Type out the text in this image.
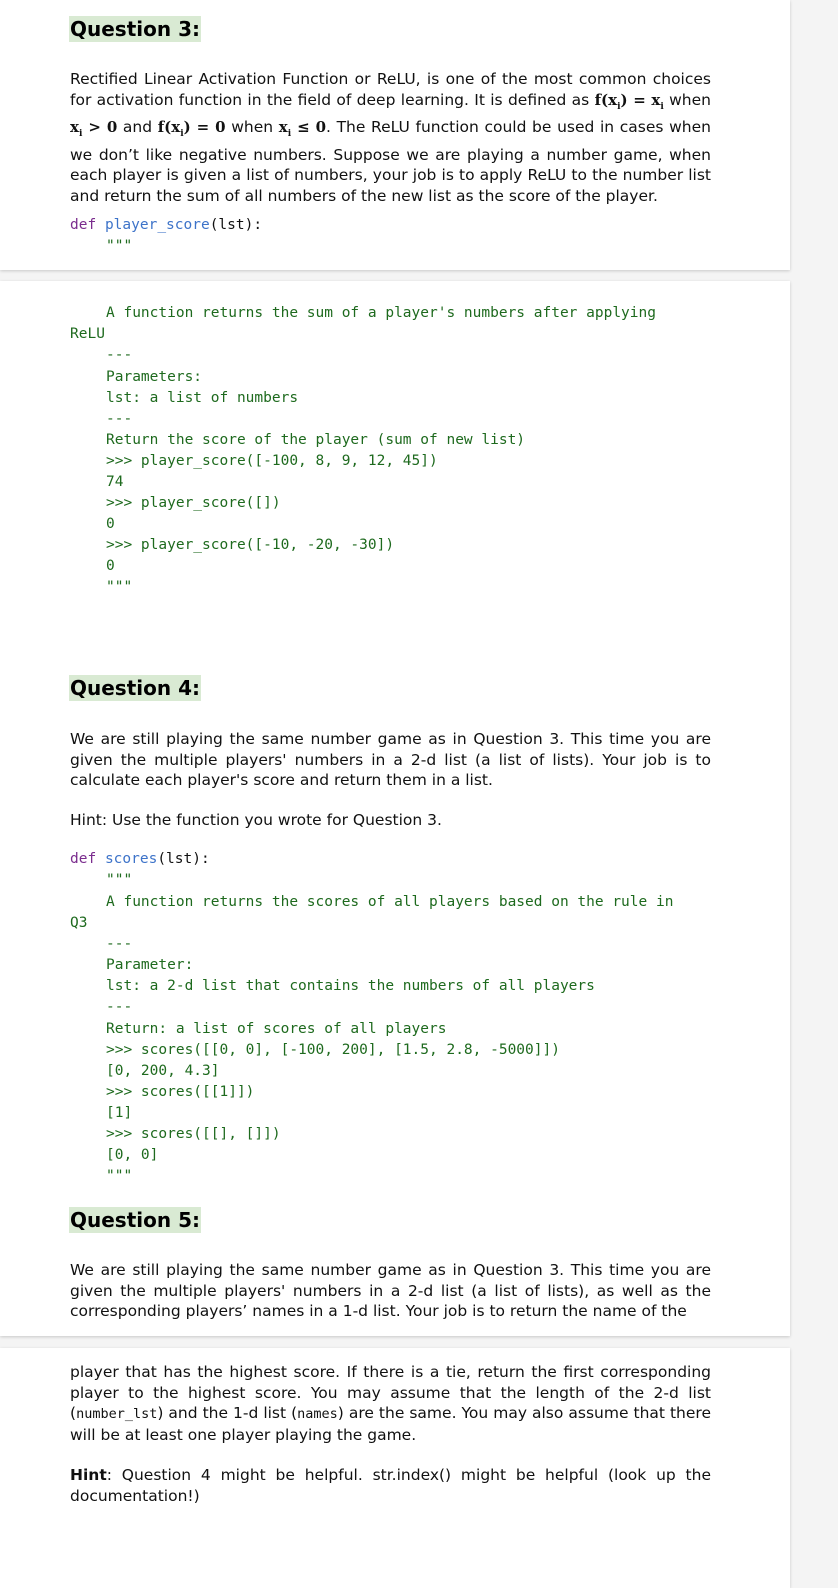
Question 3:

Rectified Linear Activation Function or ReLU, is one of the most common choices for activation function in the field of deep learning. It is defined as $f(x_i) = x_i$ when $x_i > 0$ and $f(x_i) = 0$ when $x_i \le 0$. The ReLU function could be used in cases when we don’t like negative numbers. Suppose we are playing a number game, when each player is given a list of numbers, your job is to apply ReLU to the number list and return the sum of all numbers of the new list as the score of the player.

def player_score(lst):
"""
A function returns the sum of a player's numbers after applying
ReLU
---
Parameters:
lst: a list of numbers
---
Return the score of the player (sum of new list)
>>> player_score([-100, 8, 9, 12, 45])
74
>>> player_score([])
0
>>> player_score([-10, -20, -30])
0
"""
Question 4:

We are still playing the same number game as in Question 3. This time you are given the multiple players' numbers in a 2-d list (a list of lists). Your job is to calculate each player's score and return them in a list.

Hint: Use the function you wrote for Question 3.

def scores(lst):
"""
A function returns the scores of all players based on the rule in
Q3
---
Parameter:
lst: a 2-d list that contains the numbers of all players
---
Return: a list of scores of all players
>>> scores([[0, 0], [-100, 200], [1.5, 2.8, -5000]])
[0, 200, 4.3]
>>> scores([[1]])
[1]
>>> scores([[], []])
[0, 0]
"""
Question 5:

We are still playing the same number game as in Question 3. This time you are given the multiple players' numbers in a 2-d list (a list of lists), as well as the corresponding players’ names in a 1-d list. Your job is to return the name of the

player that has the highest score. If there is a tie, return the first corresponding player to the highest score. You may assume that the length of the 2-d list (number_lst) and the 1-d list (names) are the same. You may also assume that there will be at least one player playing the game.

Hint: Question 4 might be helpful. str.index() might be helpful (look up the documentation!)
